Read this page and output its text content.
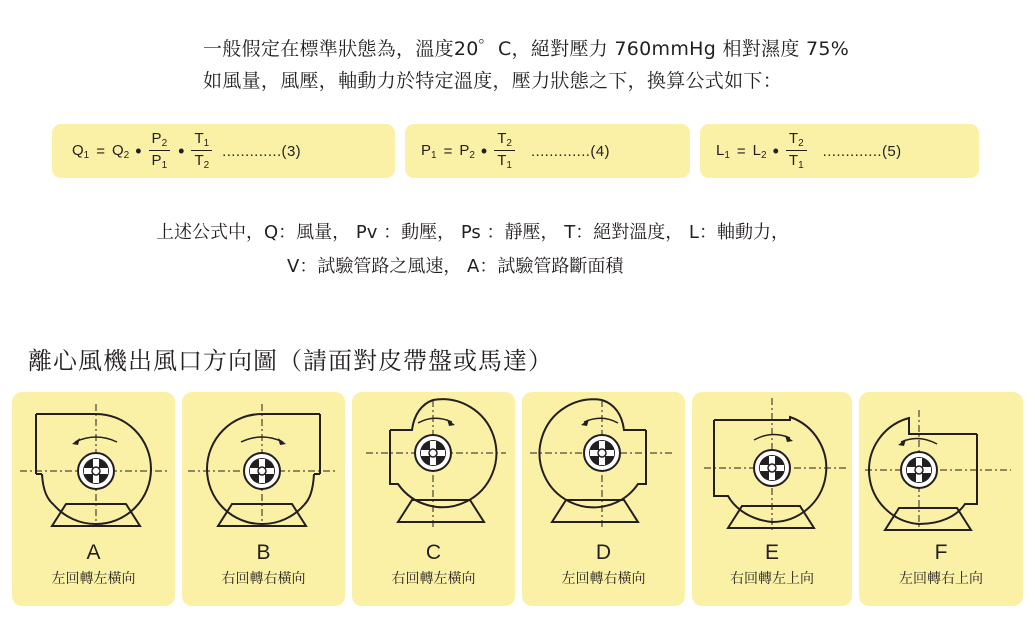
一般假定在標準狀態為，溫度20゜C，絕對壓力 760mmHg 相對濕度 75%
如風量，風壓，軸動力於特定溫度，壓力狀態之下，換算公式如下：
$Q_1 = Q_2$ • $\frac{P_2}{P_1}$ • $\frac{T_1}{T_2} .............(3)$	$P_1 = P_2$ • $\frac{T_2}{T_1} .............(4)$	$L_1 = L_2$ • $\frac{T_2}{T_1} .............(5)$
上述公式中，Q：風量， Pv ：動壓， Ps ：靜壓， T：絕對溫度， L：軸動力，
V：試驗管路之風速， A：試驗管路斷面積
離心風機出風口方向圖（請面對皮帶盤或馬達）
A
左回轉左橫向
B
右回轉右橫向
C
右回轉左橫向
D
左回轉右橫向
E
右回轉左上向
F
左回轉右上向
